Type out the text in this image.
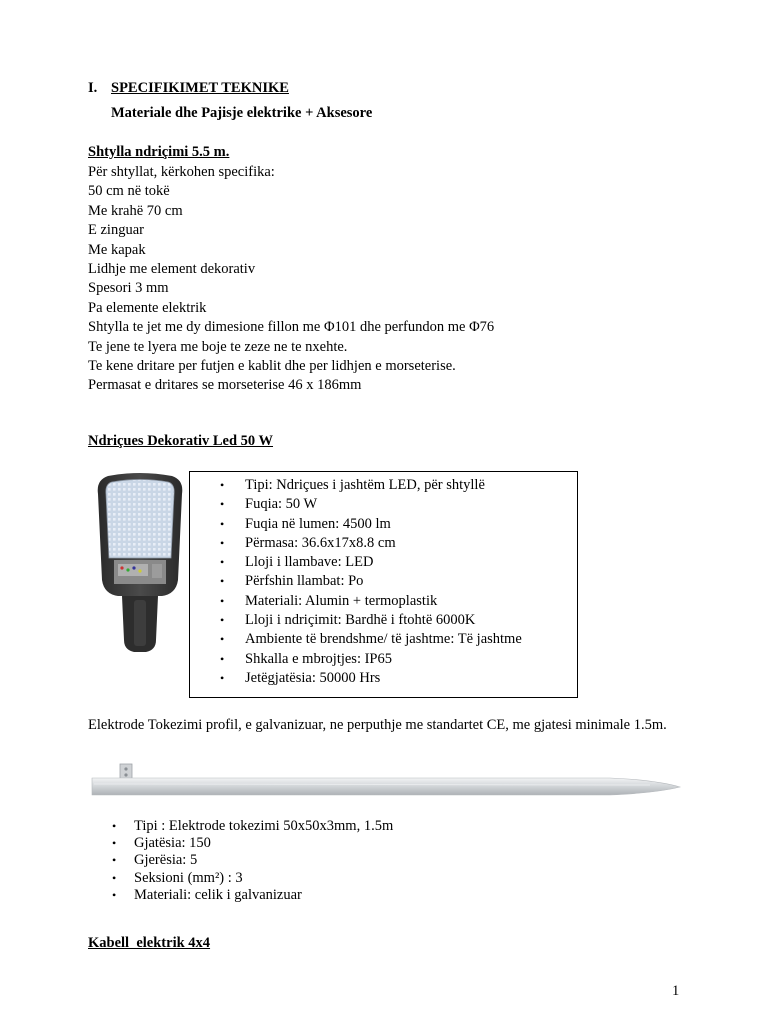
I. SPECIFIKIMET TEKNIKE
Materiale dhe Pajisje elektrike + Aksesore
Shtylla ndriçimi 5.5 m.
Për shtyllat, kërkohen specifika:
50 cm në tokë
Me krahë 70 cm
E zinguar
Me kapak
Lidhje me element dekorativ
Spesori 3 mm
Pa elemente elektrik
Shtylla te jet me dy dimesione fillon me Φ101 dhe perfundon me Φ76
Te jene te lyera me boje te zeze ne te nxehte.
Te kene dritare per futjen e kablit dhe per lidhjen e morseterise.
Permasat e dritares se morseterise 46 x 186mm
Ndriçues Dekorativ Led 50 W
• Tipi: Ndriçues i jashtëm LED, për shtyllë
• Fuqia: 50 W
• Fuqia në lumen: 4500 lm
• Përmasa: 36.6x17x8.8 cm
• Lloji i llambave: LED
• Përfshin llambat: Po
• Materiali: Alumin + termoplastik
• Lloji i ndriçimit: Bardhë i ftohtë 6000K
• Ambiente të brendshme/ të jashtme: Të jashtme
• Shkalla e mbrojtjes: IP65
• Jetëgjatësia: 50000 Hrs
Elektrode Tokezimi profil, e galvanizuar, ne perputhje me standartet CE, me gjatesi minimale 1.5m.
• Tipi : Elektrode tokezimi 50x50x3mm, 1.5m
• Gjatësia: 150
• Gjerësia: 5
• Seksioni (mm²) : 3
• Materiali: celik i galvanizuar
Kabell  elektrik 4x4
1
